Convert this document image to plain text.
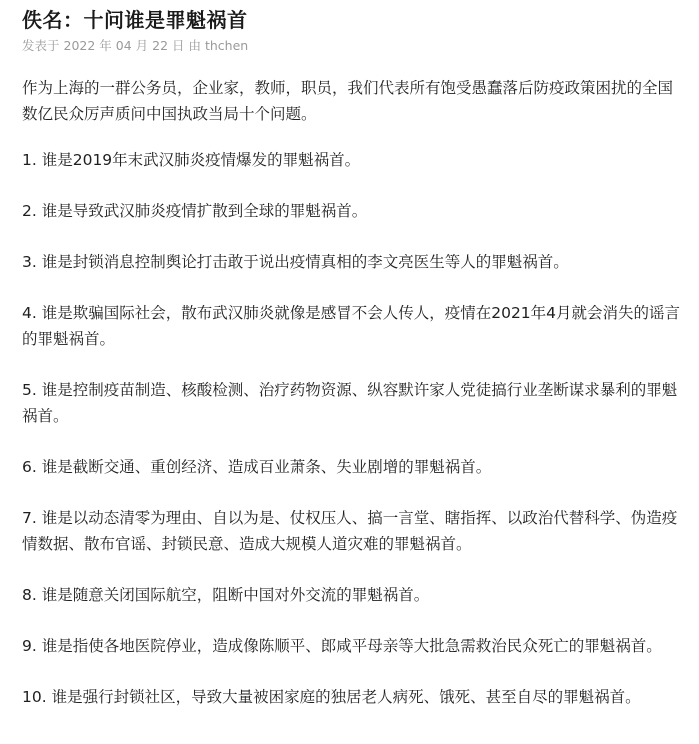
佚名：十问谁是罪魁祸首
发表于 2022 年 04 月 22 日 由 thchen

作为上海的一群公务员，企业家，教师，职员，我们代表所有饱受愚蠢落后防疫政策困扰的全国数亿民众厉声质问中国执政当局十个问题。

1. 谁是2019年末武汉肺炎疫情爆发的罪魁祸首。

2. 谁是导致武汉肺炎疫情扩散到全球的罪魁祸首。

3. 谁是封锁消息控制舆论打击敢于说出疫情真相的李文亮医生等人的罪魁祸首。

4. 谁是欺骗国际社会，散布武汉肺炎就像是感冒不会人传人，疫情在2021年4月就会消失的谣言的罪魁祸首。

5. 谁是控制疫苗制造、核酸检测、治疗药物资源、纵容默许家人党徒搞行业垄断谋求暴利的罪魁祸首。

6. 谁是截断交通、重创经济、造成百业萧条、失业剧增的罪魁祸首。

7. 谁是以动态清零为理由、自以为是、仗权压人、搞一言堂、瞎指挥、以政治代替科学、伪造疫情数据、散布官谣、封锁民意、造成大规模人道灾难的罪魁祸首。

8. 谁是随意关闭国际航空，阻断中国对外交流的罪魁祸首。

9. 谁是指使各地医院停业，造成像陈顺平、郎咸平母亲等大批急需救治民众死亡的罪魁祸首。

10. 谁是强行封锁社区，导致大量被困家庭的独居老人病死、饿死、甚至自尽的罪魁祸首。
